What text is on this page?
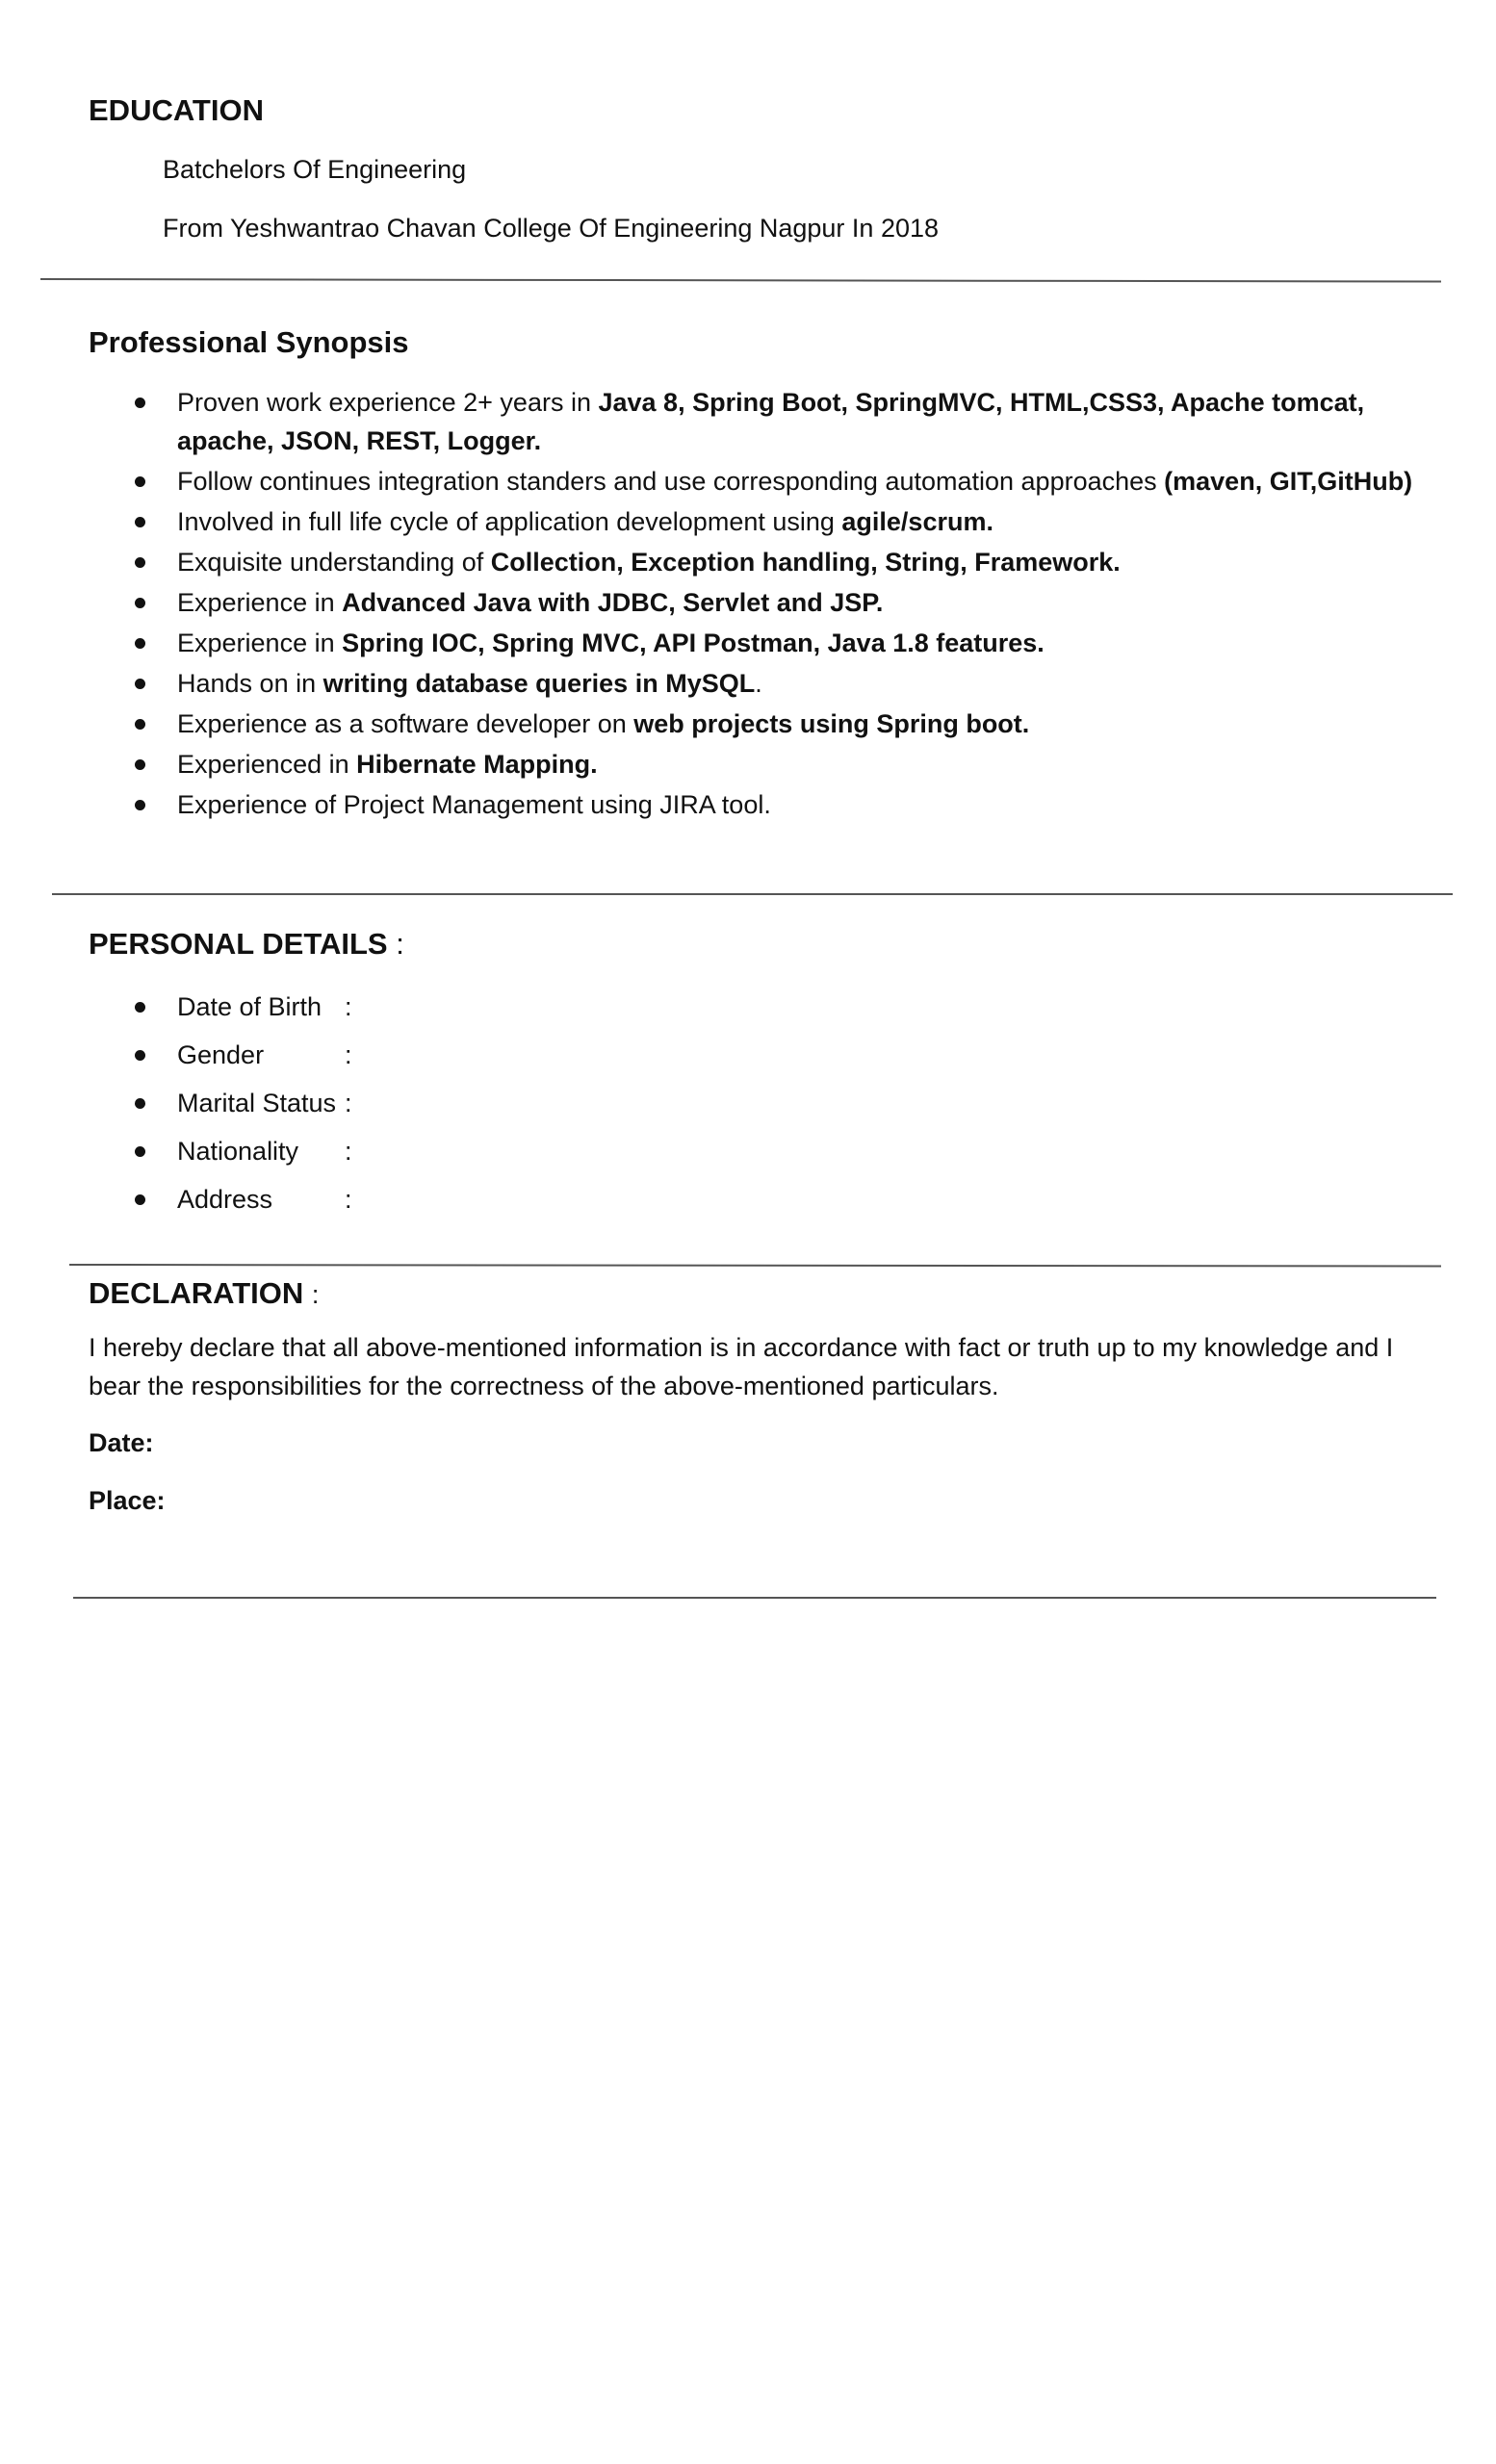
EDUCATION

Batchelors Of Engineering

From Yeshwantrao Chavan College Of Engineering Nagpur In 2018

Professional Synopsis
Proven work experience 2+ years in Java 8, Spring Boot, SpringMVC, HTML,CSS3, Apache tomcat, apache, JSON, REST, Logger.
Follow continues integration standers and use corresponding automation approaches (maven, GIT,GitHub)
Involved in full life cycle of application development using agile/scrum.
Exquisite understanding of Collection, Exception handling, String, Framework.
Experience in Advanced Java with JDBC, Servlet and JSP.
Experience in Spring IOC, Spring MVC, API Postman, Java 1.8 features.
Hands on in writing database queries in MySQL.
Experience as a software developer on web projects using Spring boot.
Experienced in Hibernate Mapping.
Experience of Project Management using JIRA tool.
PERSONAL DETAILS :
Date of Birth :
Gender	:
Marital Status :
Nationality :
Address	:
DECLARATION :

I hereby declare that all above-mentioned information is in accordance with fact or truth up to my knowledge and I bear the responsibilities for the correctness of the above-mentioned particulars.

Date:

Place:
